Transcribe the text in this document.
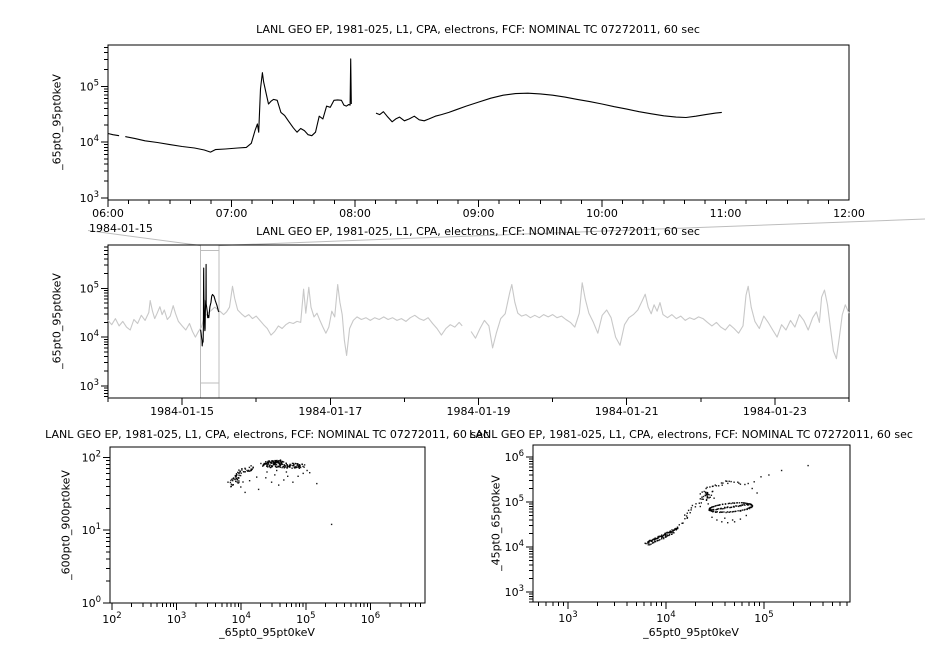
06:00	07:00	08:00	09:00	10:00	11:00	12:00
$10^3$
$10^4$
$10^5$
1984-01-15	1984-01-17	1984-01-19	1984-01-21	1984-01-23
$10^3$
$10^4$
$10^5$
$10^2$	$10^3$	$10^4$	$10^5$	$10^6$
$10^0$
$10^1$
$10^2$
$10^3$	$10^4$	$10^5$
$10^3$
$10^4$
$10^5$
$10^6$
LANL GEO EP, 1981-025, L1, CPA, electrons, FCF: NOMINAL TC 07272011, 60 sec
LANL GEO EP, 1981-025, L1, CPA, electrons, FCF: NOMINAL TC 07272011, 60 sec
LANL GEO EP, 1981-025, L1, CPA, electrons, FCF: NOMINAL TC 07272011, 60 sec
LANL GEO EP, 1981-025, L1, CPA, electrons, FCF: NOMINAL TC 07272011, 60 sec
_65pt0_95pt0keV
_65pt0_95pt0keV
_600pt0_900pt0keV	_45pt0_65pt0keV
_65pt0_95pt0keV	_65pt0_95pt0keV
1984-01-15
